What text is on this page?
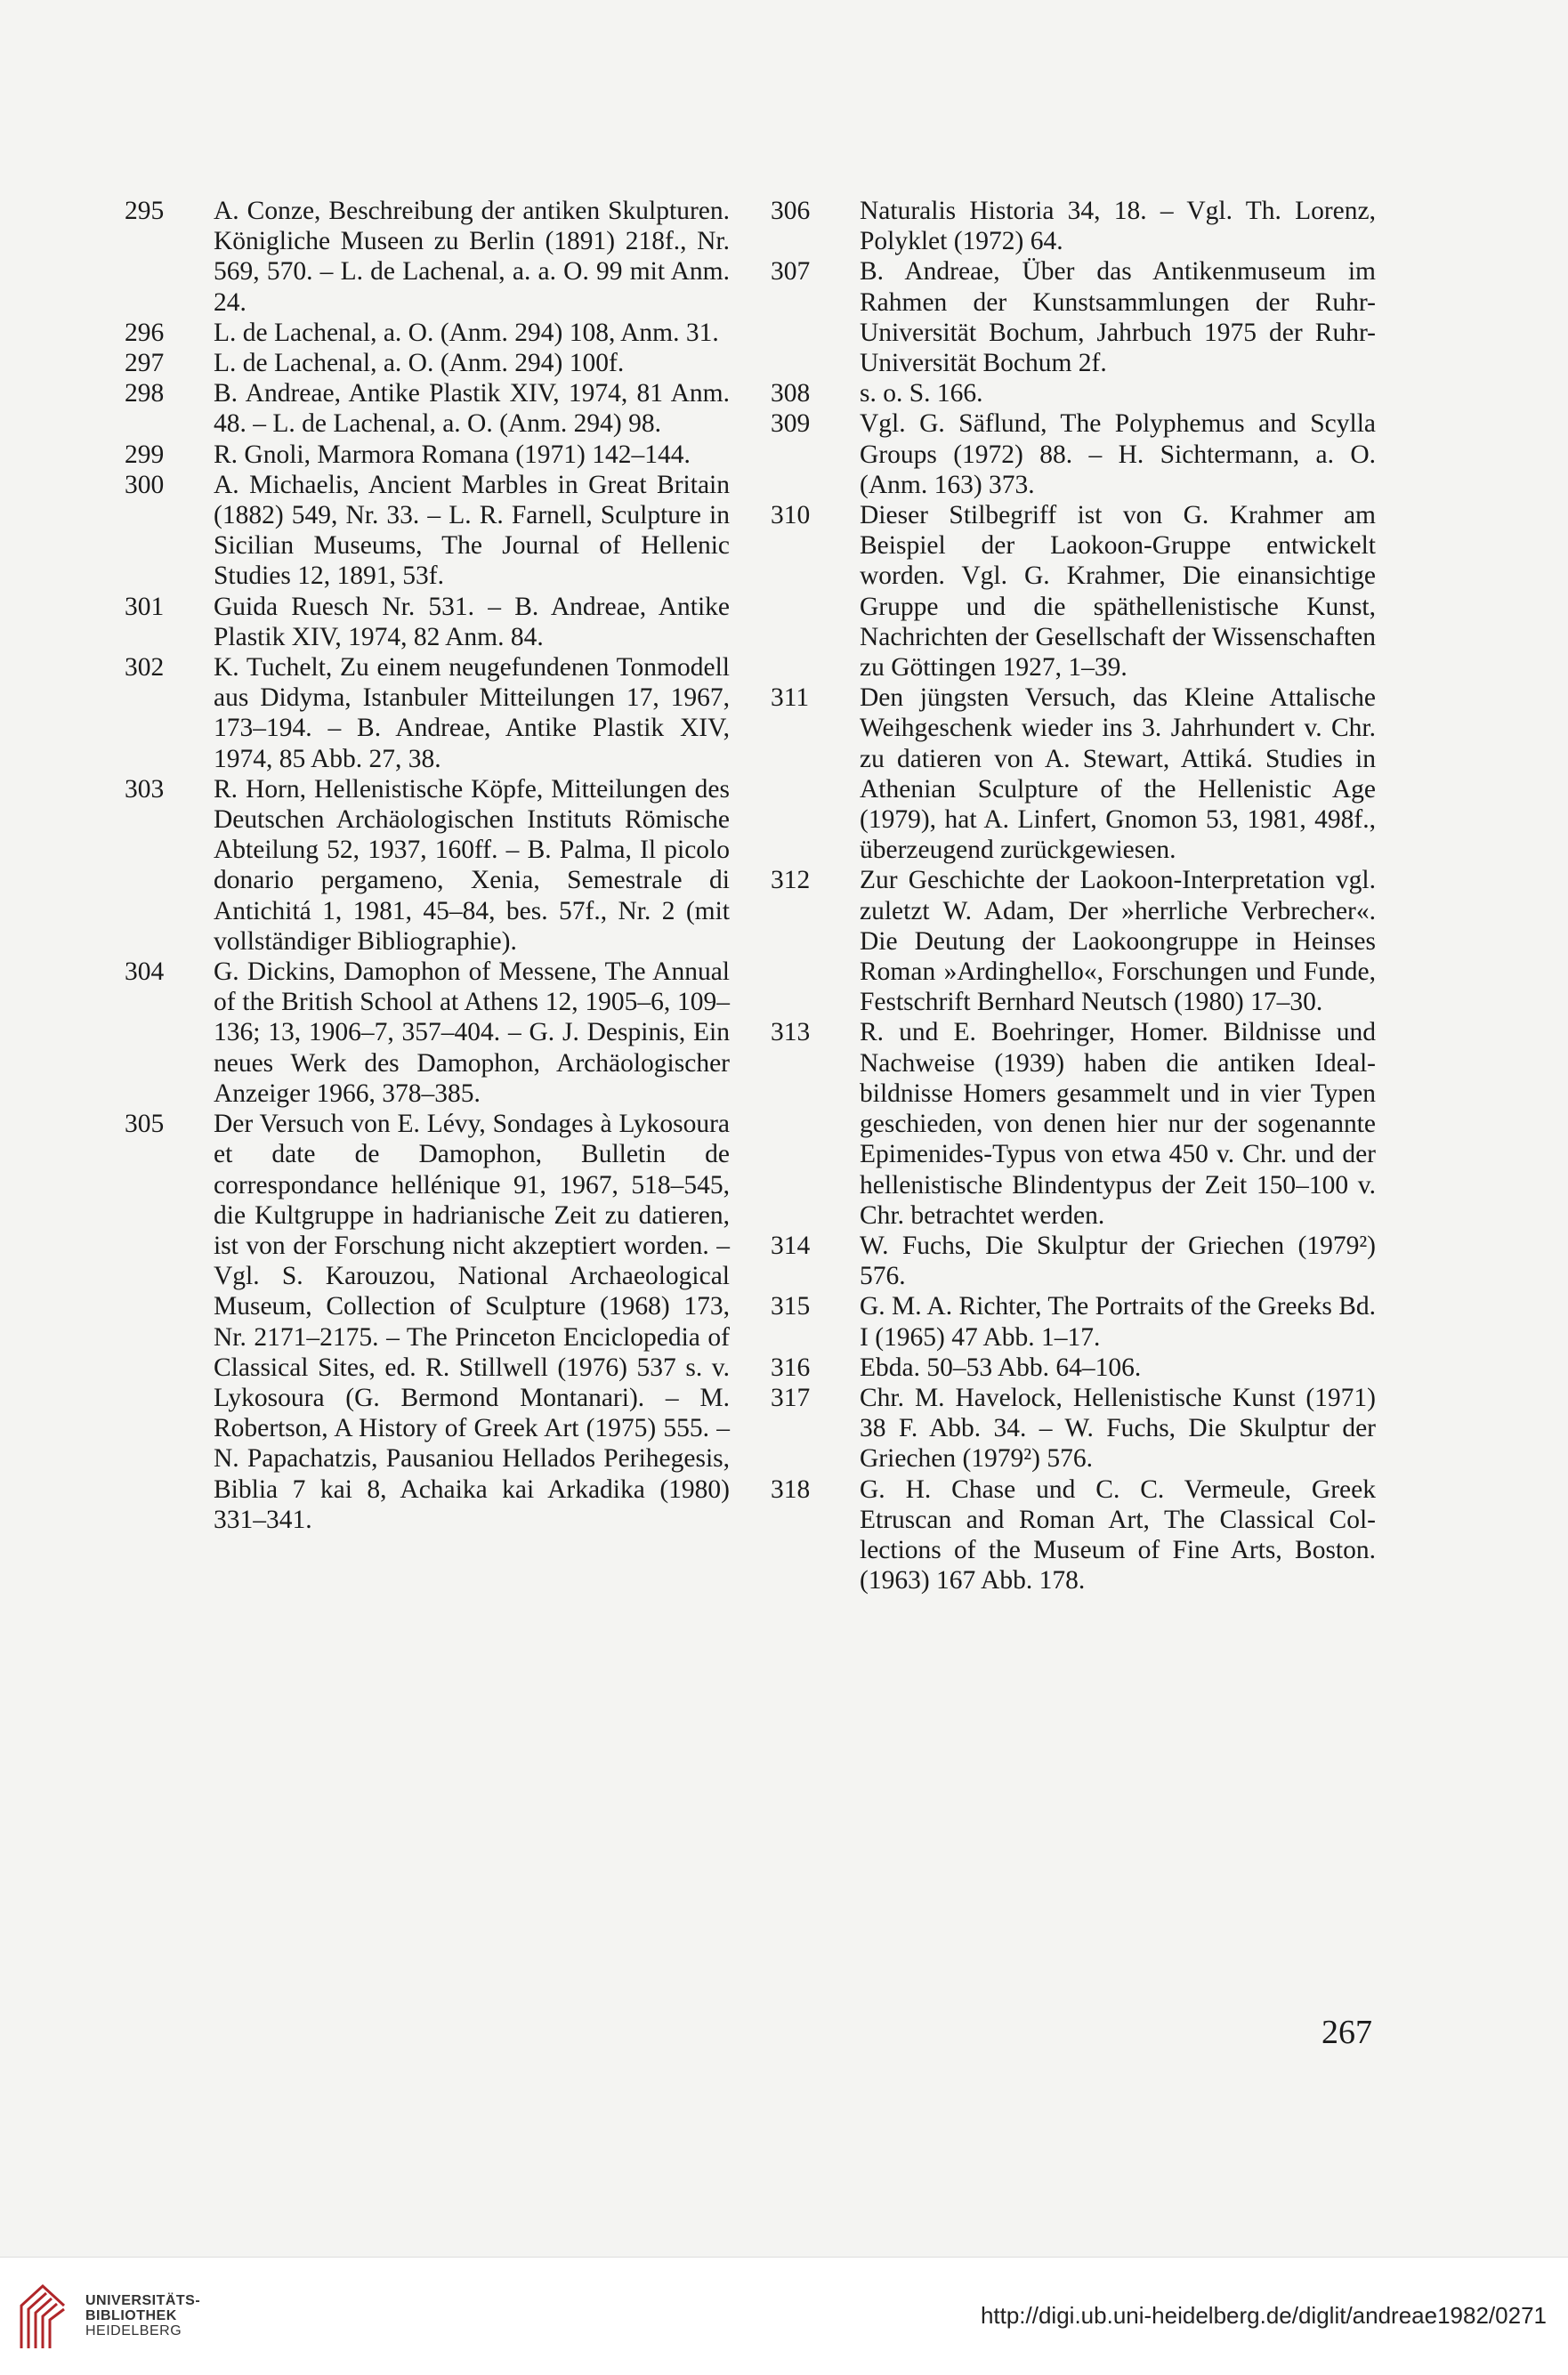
295	A. Conze, Beschreibung der antiken Skulpturen. Königliche Museen zu Berlin (1891) 218f., Nr. 569, 570. – L. de Lachenal, a. a. O. 99 mit Anm. 24.
296	L. de Lachenal, a. O. (Anm. 294) 108, Anm. 31.
297	L. de Lachenal, a. O. (Anm. 294) 100f.
298	B. Andreae, Antike Plastik XIV, 1974, 81 Anm. 48. – L. de Lachenal, a. O. (Anm. 294) 98.
299	R. Gnoli, Marmora Romana (1971) 142–144.
300	A. Michaelis, Ancient Marbles in Great Britain (1882) 549, Nr. 33. – L. R. Farnell, Sculpture in Sicilian Museums, The Journal of Hellenic Studies 12, 1891, 53f.
301	Guida Ruesch Nr. 531. – B. Andreae, Antike Plastik XIV, 1974, 82 Anm. 84.
302	K. Tuchelt, Zu einem neugefundenen Tonmodell aus Didyma, Istanbuler Mitteilungen 17, 1967, 173–194. – B. Andreae, Antike Plastik XIV, 1974, 85 Abb. 27, 38.
303	R. Horn, Hellenistische Köpfe, Mitteilungen des Deutschen Archäologischen Instituts Römische Abteilung 52, 1937, 160ff. – B. Palma, Il picolo donario pergameno, Xenia, Semestrale di Antichitá 1, 1981, 45–84, bes. 57f., Nr. 2 (mit vollständiger Bibliographie).
304	G. Dickins, Damophon of Messene, The Annual of the British School at Athens 12, 1905–6, 109–136; 13, 1906–7, 357–404. – G. J. Despinis, Ein neues Werk des Damophon, Archäologischer Anzeiger 1966, 378–385.
305	Der Versuch von E. Lévy, Sondages à Lykosoura et date de Damophon, Bulletin de correspondance hellénique 91, 1967, 518–545, die Kultgruppe in hadrianische Zeit zu datieren, ist von der Forschung nicht akzeptiert worden. – Vgl. S. Karouzou, National Archaeological Museum, Collection of Sculpture (1968) 173, Nr. 2171–2175. – The Princeton Enciclopedia of Classical Sites, ed. R. Stillwell (1976) 537 s. v. Lykosoura (G. Bermond Montanari). – M. Robertson, A History of Greek Art (1975) 555. – N. Papachatzis, Pausaniou Hellados Perihegesis, Biblia 7 kai 8, Achaika kai Arkadika (1980) 331–341.
306	Naturalis Historia 34, 18. – Vgl. Th. Lorenz, Polyklet (1972) 64.
307	B. Andreae, Über das Antikenmuseum im Rahmen der Kunstsammlungen der Ruhr-Universität Bochum, Jahrbuch 1975 der Ruhr-Universität Bochum 2f.
308	s. o. S. 166.
309	Vgl. G. Säflund, The Polyphemus and Scylla Groups (1972) 88. – H. Sichtermann, a. O. (Anm. 163) 373.
310	Dieser Stilbegriff ist von G. Krahmer am Beispiel der Laokoon-Gruppe entwickelt worden. Vgl. G. Krahmer, Die einansichtige Gruppe und die späthellenistische Kunst, Nachrichten der Gesellschaft der Wissenschaften zu Göttingen 1927, 1–39.
311	Den jüngsten Versuch, das Kleine Attalische Weihgeschenk wieder ins 3. Jahrhundert v. Chr. zu datieren von A. Stewart, Attiká. Studies in Athenian Sculpture of the Hellenistic Age (1979), hat A. Linfert, Gnomon 53, 1981, 498f., überzeugend zurückgewiesen.
312	Zur Geschichte der Laokoon-Interpretation vgl. zuletzt W. Adam, Der »herrliche Verbrecher«. Die Deutung der Laokoongruppe in Heinses Roman »Ardinghello«, Forschungen und Funde, Festschrift Bernhard Neutsch (1980) 17–30.
313	R. und E. Boehringer, Homer. Bildnisse und Nachweise (1939) haben die antiken Idealbildnisse Homers gesammelt und in vier Typen geschieden, von denen hier nur der sogenannte Epimenides-Typus von etwa 450 v. Chr. und der hellenistische Blindentypus der Zeit 150–100 v. Chr. betrachtet werden.
314	W. Fuchs, Die Skulptur der Griechen (1979²) 576.
315	G. M. A. Richter, The Portraits of the Greeks Bd. I (1965) 47 Abb. 1–17.
316	Ebda. 50–53 Abb. 64–106.
317	Chr. M. Havelock, Hellenistische Kunst (1971) 38 F. Abb. 34. – W. Fuchs, Die Skulptur der Griechen (1979²) 576.
318	G. H. Chase und C. C. Vermeule, Greek Etruscan and Roman Art, The Classical Collections of the Museum of Fine Arts, Boston. (1963) 167 Abb. 178.
267
UNIVERSITÄTS-
BIBLIOTHEK
HEIDELBERG
http://digi.ub.uni-heidelberg.de/diglit/andreae1982/0271
